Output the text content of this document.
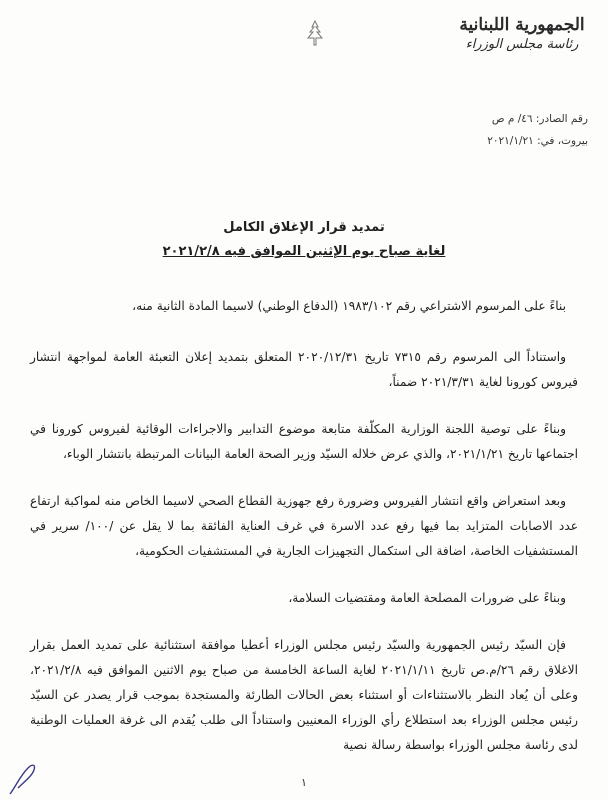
الجمهورية اللبنانية
رئاسة مجلس الوزراء
رقم الصادر: ٤٦/ م ص
بيروت، في: ٢٠٢١/١/٢١
تمديد قرار الإغلاق الكامل
لغاية صباح يوم الإثنين الموافق فيه ٢٠٢١/٢/٨

بناءً على المرسوم الاشتراعي رقم ١٩٨٣/١٠٢ (الدفاع الوطني) لاسيما المادة الثانية منه،

واستناداً الى المرسوم رقم ٧٣١٥ تاريخ ٢٠٢٠/١٢/٣١ المتعلق بتمديد إعلان التعبئة العامة لمواجهة انتشار فيروس كورونا لغاية ٢٠٢١/٣/٣١ ضمناً،

وبناءً على توصية اللجنة الوزارية المكلّفة متابعة موضوع التدابير والاجراءات الوقائية لفيروس كورونا في اجتماعها تاريخ ٢٠٢١/١/٢١، والذي عرض خلاله السيّد وزير الصحة العامة البيانات المرتبطة بانتشار الوباء،

وبعد استعراض واقع انتشار الفيروس وضرورة رفع جهوزية القطاع الصحي لاسيما الخاص منه لمواكبة ارتفاع عدد الاصابات المتزايد بما فيها رفع عدد الاسرة في غرف العناية الفائقة بما لا يقل عن /١٠٠/ سرير في المستشفيات الخاصة، اضافة الى استكمال التجهيزات الجارية في المستشفيات الحكومية،

وبناءً على ضرورات المصلحة العامة ومقتضيات السلامة،

فإن السيّد رئيس الجمهورية والسيّد رئيس مجلس الوزراء أعطيا موافقة استثنائية على تمديد العمل بقرار الاغلاق رقم ٢٦/م.ص تاريخ ٢٠٢١/١/١١ لغاية الساعة الخامسة من صباح يوم الاثنين الموافق فيه ٢٠٢١/٢/٨، وعلى أن يُعاد النظر بالاستثناءات أو استثناء بعض الحالات الطارئة والمستجدة بموجب قرار يصدر عن السيّد رئيس مجلس الوزراء بعد استطلاع رأي الوزراء المعنيين واستناداً الى طلب يُقدم الى غرفة العمليات الوطنية لدى رئاسة مجلس الوزراء بواسطة رسالة نصية

١
